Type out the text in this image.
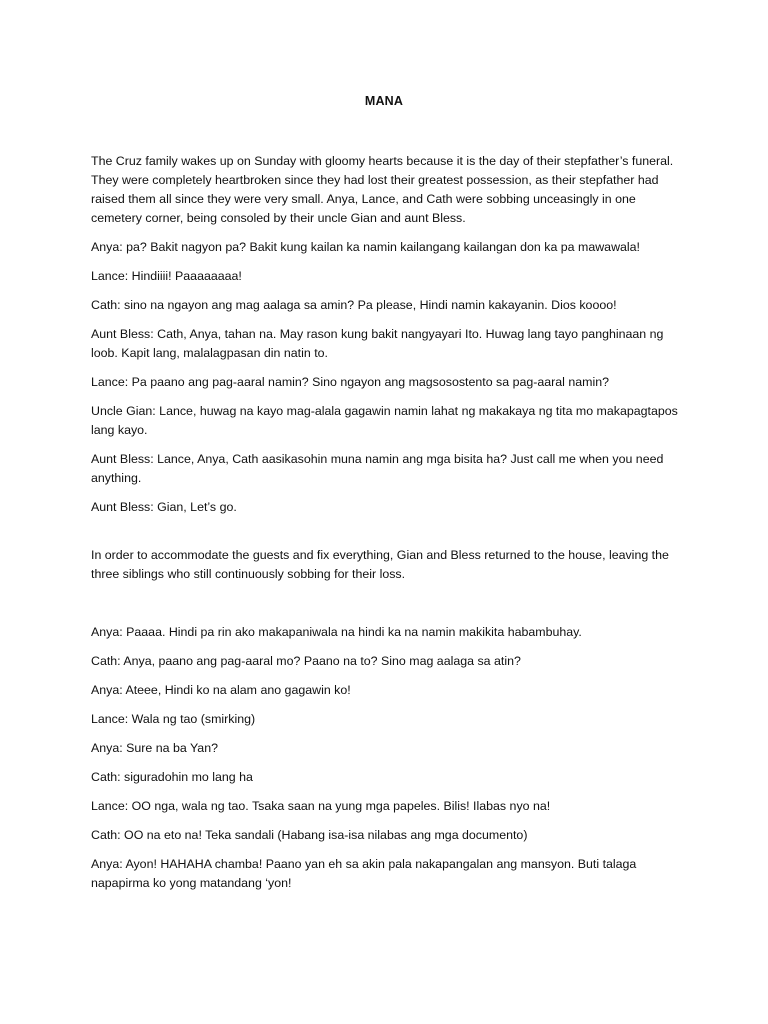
MANA

The Cruz family wakes up on Sunday with gloomy hearts because it is the day of their stepfather’s funeral. They were completely heartbroken since they had lost their greatest possession, as their stepfather had raised them all since they were very small. Anya, Lance, and Cath were sobbing unceasingly in one cemetery corner, being consoled by their uncle Gian and aunt Bless.

Anya: pa? Bakit nagyon pa? Bakit kung kailan ka namin kailangang kailangan don ka pa mawawala!

Lance: Hindiiii! Paaaaaaaa!

Cath: sino na ngayon ang mag aalaga sa amin? Pa please, Hindi namin kakayanin. Dios koooo!

Aunt Bless: Cath, Anya, tahan na. May rason kung bakit nangyayari Ito. Huwag lang tayo panghinaan ng loob. Kapit lang, malalagpasan din natin to.

Lance: Pa paano ang pag-aaral namin? Sino ngayon ang magsosostento sa pag-aaral namin?

Uncle Gian: Lance, huwag na kayo mag-alala gagawin namin lahat ng makakaya ng tita mo makapagtapos lang kayo.

Aunt Bless: Lance, Anya, Cath aasikasohin muna namin ang mga bisita ha? Just call me when you need anything.

Aunt Bless: Gian, Let’s go.

In order to accommodate the guests and fix everything, Gian and Bless returned to the house, leaving the three siblings who still continuously sobbing for their loss.

Anya: Paaaa. Hindi pa rin ako makapaniwala na hindi ka na namin makikita habambuhay.

Cath: Anya, paano ang pag-aaral mo? Paano na to? Sino mag aalaga sa atin?

Anya: Ateee, Hindi ko na alam ano gagawin ko!

Lance: Wala ng tao (smirking)

Anya: Sure na ba Yan?

Cath: siguradohin mo lang ha

Lance: OO nga, wala ng tao. Tsaka saan na yung mga papeles. Bilis! Ilabas nyo na!

Cath: OO na eto na! Teka sandali (Habang isa-isa nilabas ang mga documento)

Anya: Ayon! HAHAHA chamba! Paano yan eh sa akin pala nakapangalan ang mansyon. Buti talaga napapirma ko yong matandang ‘yon!
